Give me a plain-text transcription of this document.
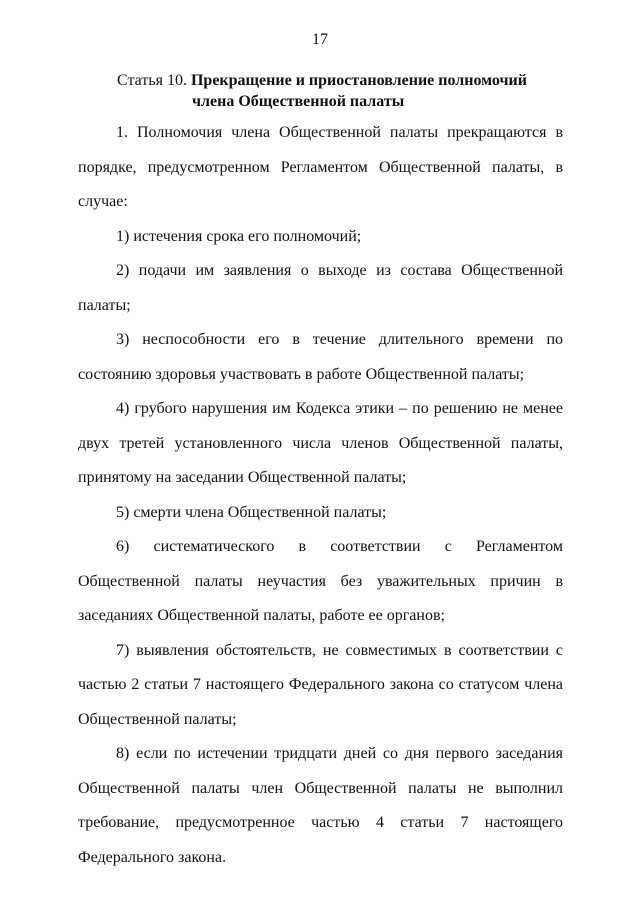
17
Статья 10. Прекращение и приостановление полномочий
члена Общественной палаты

1. Полномочия члена Общественной палаты прекращаются в порядке, предусмотренном Регламентом Общественной палаты, в случае:

1) истечения срока его полномочий;

2) подачи им заявления о выходе из состава Общественной палаты;

3) неспособности его в течение длительного времени по состоянию здоровья участвовать в работе Общественной палаты;

4) грубого нарушения им Кодекса этики – по решению не менее двух третей установленного числа членов Общественной палаты, принятому на заседании Общественной палаты;

5) смерти члена Общественной палаты;

6) систематического в соответствии с Регламентом Общественной палаты неучастия без уважительных причин в заседаниях Общественной палаты, работе ее органов;

7) выявления обстоятельств, не совместимых в соответствии с частью 2 статьи 7 настоящего Федерального закона со статусом члена Общественной палаты;

8) если по истечении тридцати дней со дня первого заседания Общественной палаты член Общественной палаты не выполнил требование, предусмотренное частью 4 статьи 7 настоящего Федерального закона.
